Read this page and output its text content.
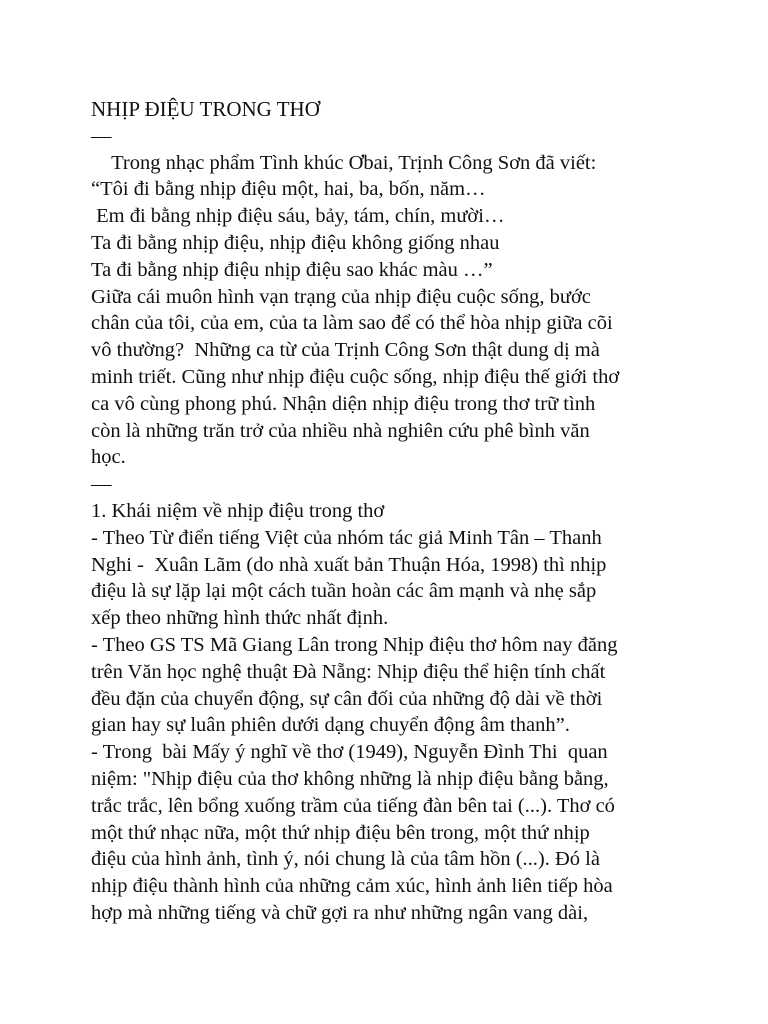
NHỊP ĐIỆU TRONG THƠ
—
Trong nhạc phẩm Tình khúc Ơbai, Trịnh Công Sơn đã viết:
“Tôi đi bằng nhịp điệu một, hai, ba, bốn, năm…
Em đi bằng nhịp điệu sáu, bảy, tám, chín, mười…
Ta đi bằng nhịp điệu, nhịp điệu không giống nhau
Ta đi bằng nhịp điệu nhịp điệu sao khác màu …”
Giữa cái muôn hình vạn trạng của nhịp điệu cuộc sống, bước
chân của tôi, của em, của ta làm sao để có thể hòa nhịp giữa cõi
vô thường?  Những ca từ của Trịnh Công Sơn thật dung dị mà
minh triết. Cũng như nhịp điệu cuộc sống, nhịp điệu thế giới thơ
ca vô cùng phong phú. Nhận diện nhịp điệu trong thơ trữ tình
còn là những trăn trở của nhiều nhà nghiên cứu phê bình văn
học.
—
1. Khái niệm về nhịp điệu trong thơ
- Theo Từ điển tiếng Việt của nhóm tác giả Minh Tân – Thanh
Nghi -  Xuân Lãm (do nhà xuất bản Thuận Hóa, 1998) thì nhịp
điệu là sự lặp lại một cách tuần hoàn các âm mạnh và nhẹ sắp
xếp theo những hình thức nhất định.
- Theo GS TS Mã Giang Lân trong Nhịp điệu thơ hôm nay đăng
trên Văn học nghệ thuật Đà Nẵng: Nhịp điệu thể hiện tính chất
đều đặn của chuyển động, sự cân đối của những độ dài về thời
gian hay sự luân phiên dưới dạng chuyển động âm thanh”.
- Trong  bài Mấy ý nghĩ về thơ (1949), Nguyễn Đình Thi  quan
niệm: "Nhịp điệu của thơ không những là nhịp điệu bằng bằng,
trắc trắc, lên bổng xuống trầm của tiếng đàn bên tai (...). Thơ có
một thứ nhạc nữa, một thứ nhịp điệu bên trong, một thứ nhịp
điệu của hình ảnh, tình ý, nói chung là của tâm hồn (...). Đó là
nhịp điệu thành hình của những cảm xúc, hình ảnh liên tiếp hòa
hợp mà những tiếng và chữ gợi ra như những ngân vang dài,
